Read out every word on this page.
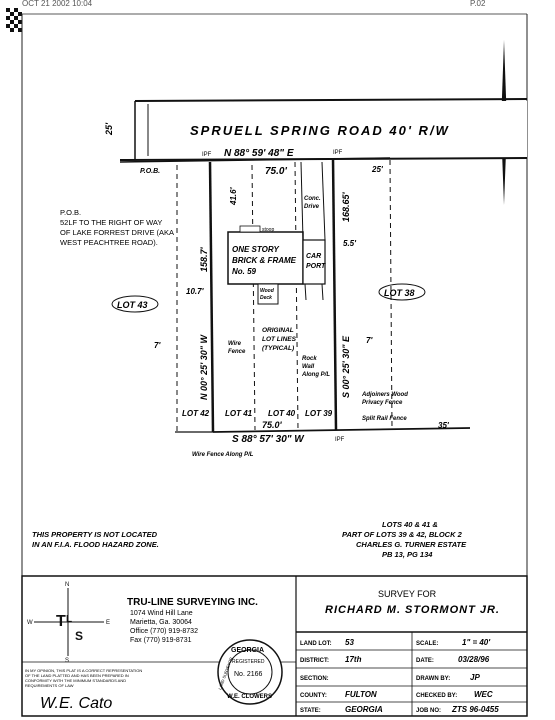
OCT 21 2002 10:04	P.02
25'	SPRUELL SPRING ROAD 40' R/W
ONE STORY
BRICK & FRAME
No. 59
CAR
PORT
stoop
Wood
Deck
41.6'
5.5'
Conc.
Drive
IPF N 88° 59' 48" E	IPF
75.0'	25'
P.O.B.
P.O.B.
52LF TO THE RIGHT OF WAY
OF LAKE FORREST DRIVE (AKA
WEST PEACHTREE ROAD).
158.7'
10.7'
N 00° 25' 30" W
7'
168.65'
S 00° 25' 30" E 7'
LOT 43
LOT 38
LOT 42 LOT 41 LOT 40 LOT 39
Wire
Fence
ORIGINAL
LOT LINES
(TYPICAL)
Rock
Wall
Along P/L
Adjoiners Wood
Privacy Fence
Split Rail Fence
Wire Fence Along P/L
75.0'
S 88° 57' 30" W	IPF
35'
THIS PROPERTY IS NOT LOCATED
IN AN F.I.A. FLOOD HAZARD ZONE.
LOTS 40 & 41 &
PART OF LOTS 39 & 42, BLOCK 2
CHARLES G. TURNER ESTATE
PB 13, PG 134
N
S
E
W T L
S
TRU-LINE SURVEYING INC.
1074 Wind Hill Lane
Marietta, Ga. 30064
Office (770) 919-8732
Fax (770) 919-8731
IN MY OPINION, THIS PLAT IS A CORRECT REPRESENTATION
OF THE LAND PLATTED AND HAS BEEN PREPARED IN
CONFORMITY WITH THE MINIMUM STANDARDS AND
REQUIREMENTS OF LAW
W.E. Cato
GEORGIA
REGISTERED
No. 2166
W.E. CLOWERS
LAND SURVEYOR
SURVEY FOR
RICHARD M. STORMONT JR.
LAND LOT: 53
DISTRICT: 17th
SECTION:
COUNTY: FULTON
STATE:	GEORGIA
SCALE:	1" = 40'
DATE:	03/28/96
DRAWN BY: JP
CHECKED BY: WEC
JOB NO: ZTS 96-0455
